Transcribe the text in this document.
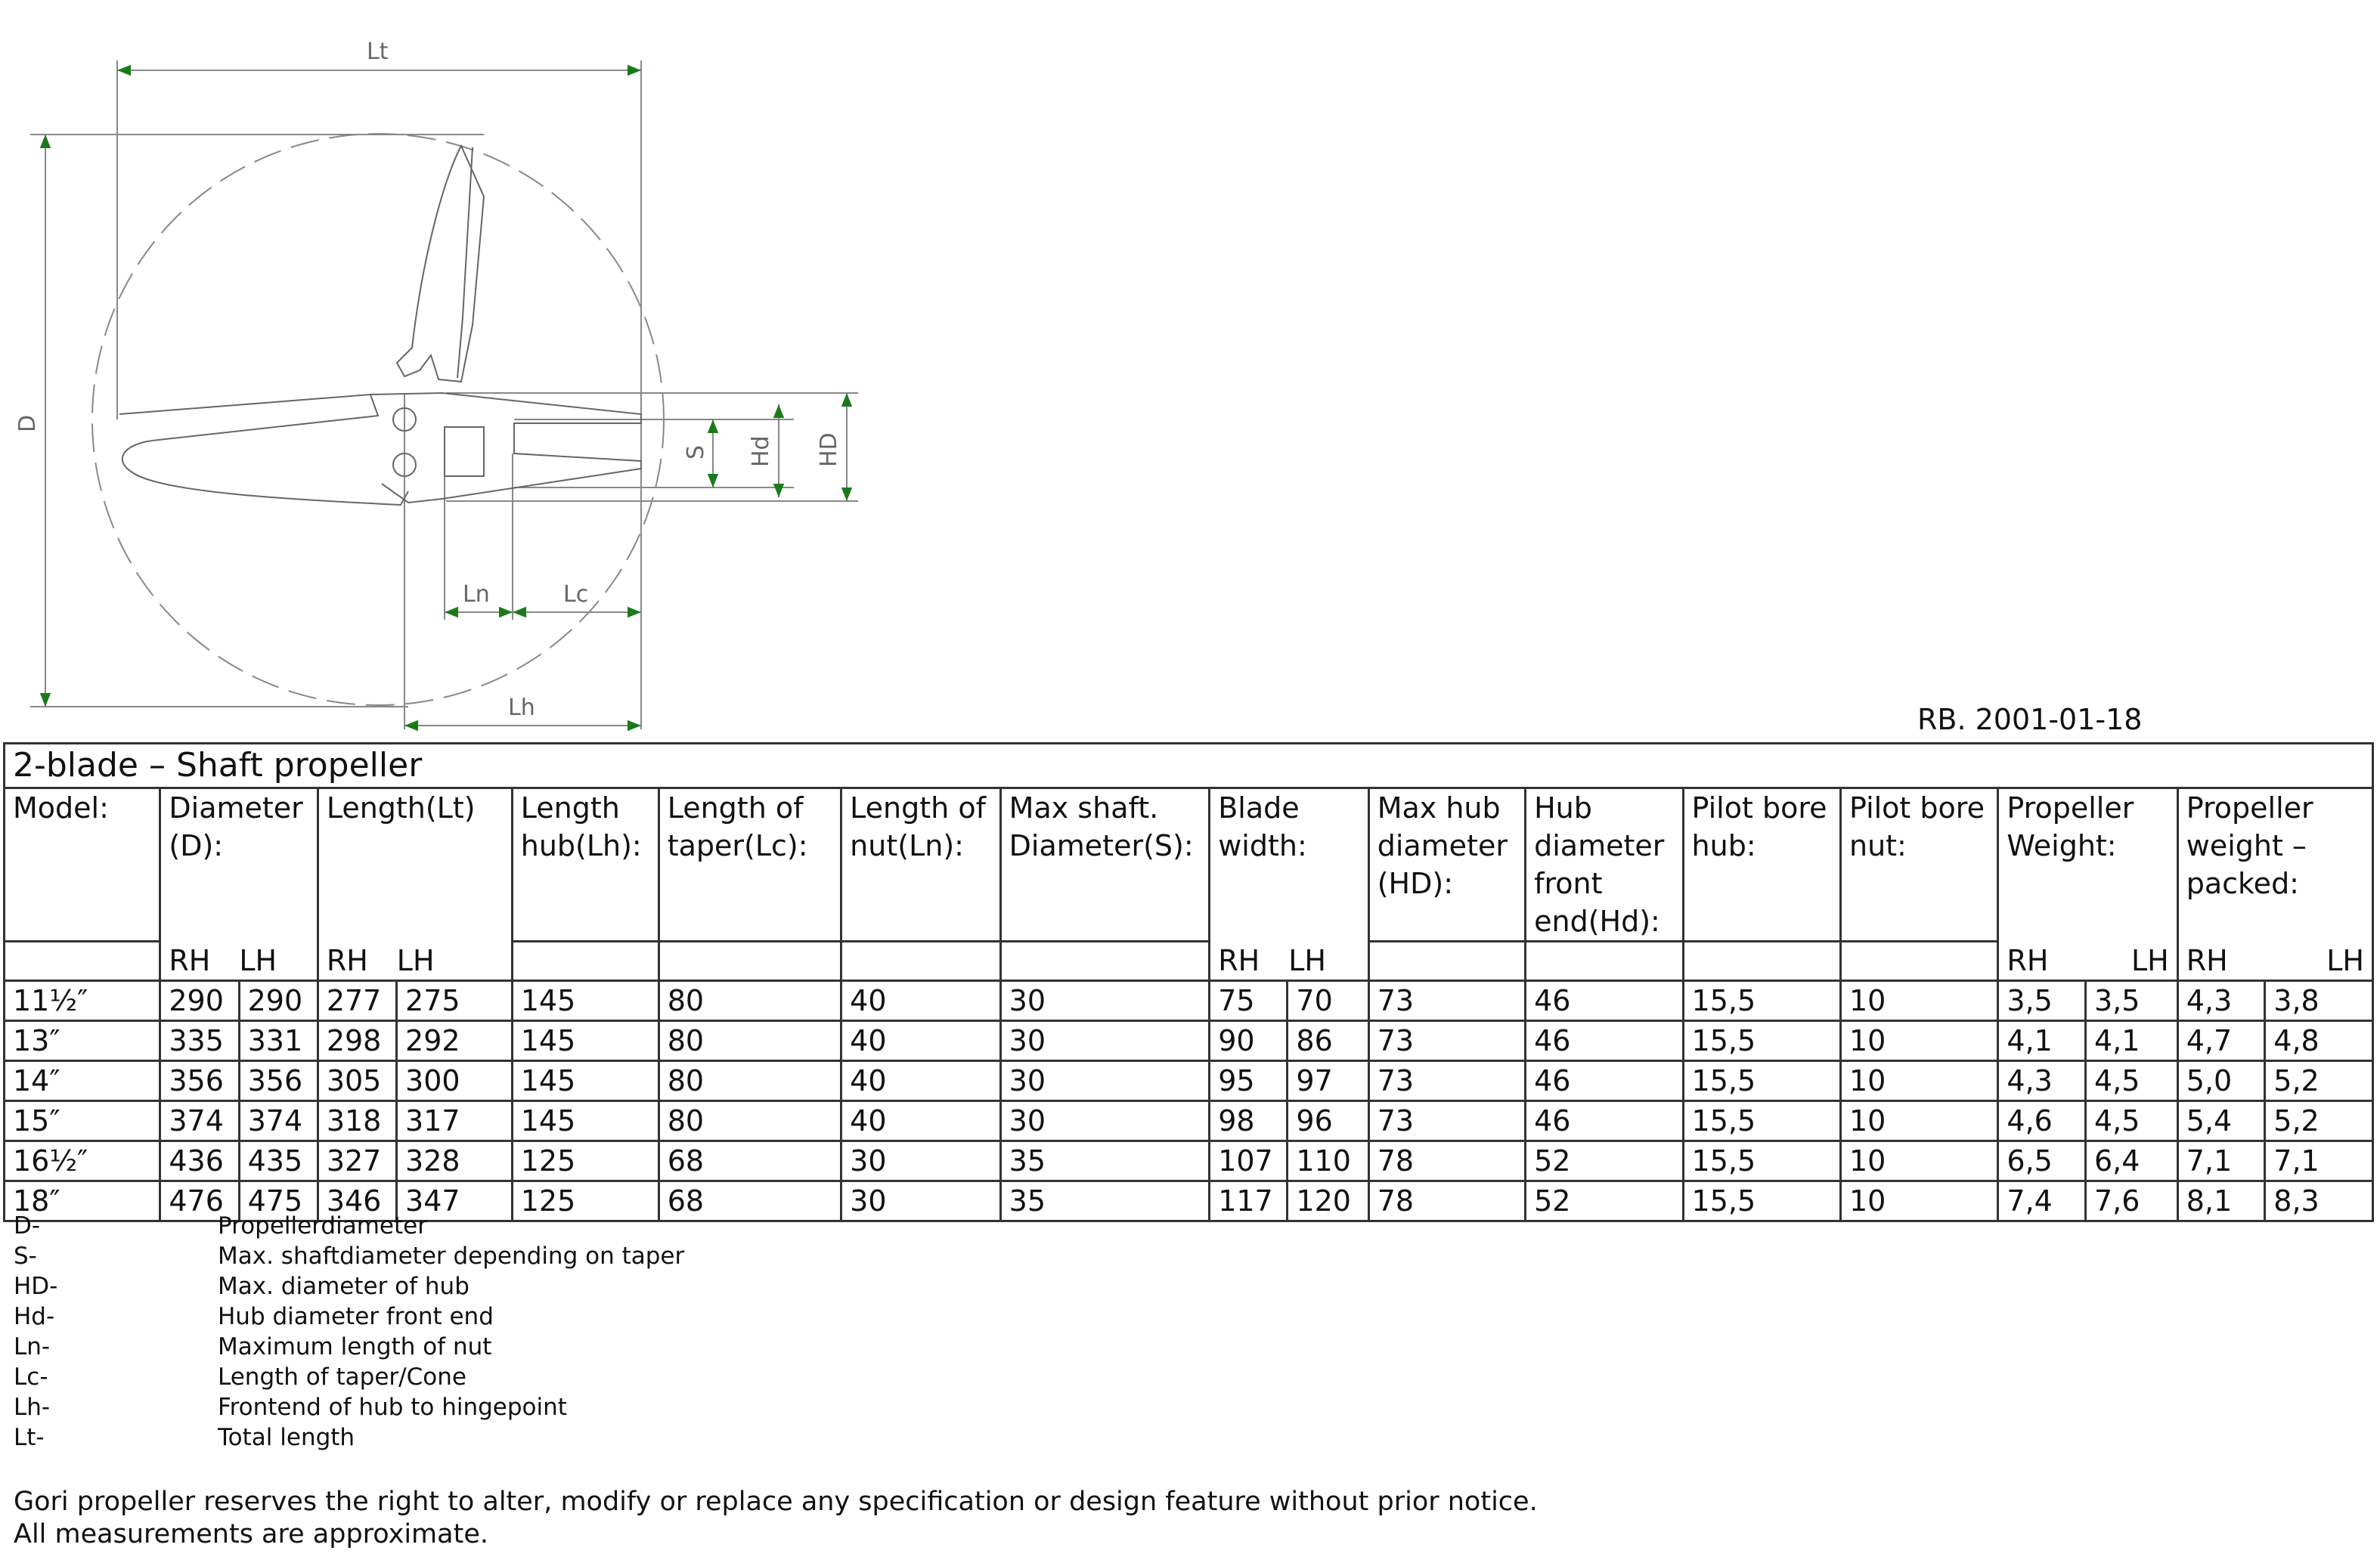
Lt
D
S Hd HD
Ln	Lc
Lh	RB. 2001-01-18
2-blade – Shaft propeller																		
Model:	Diameter (D):		Length(Lt)		Length hub(Lh):	Length of taper(Lc):	Length of nut(Ln):	Max shaft. Diameter(S):	Blade width:		Max hub diameter (HD):	Hub diameter front end(Hd):	Pilot bore hub:	Pilot bore nut:	Propeller Weight:		Propeller weight – packed:	
	RH LH		RH LH						RH LH						RH LH		RH LH	

11½″	290	290	277	275	145	80	40	30	75	70	73	46	15,5	10	3,5	3,5	4,3	3,8
13″	335	331	298	292	145	80	40	30	90	86	73	46	15,5	10	4,1	4,1	4,7	4,8
14″	356	356	305	300	145	80	40	30	95	97	73	46	15,5	10	4,3	4,5	5,0	5,2
15″	374	374	318	317	145	80	40	30	98	96	73	46	15,5	10	4,6	4,5	5,4	5,2
16½″	436	435	327	328	125	68	30	35	107	110	78	52	15,5	10	6,5	6,4	7,1	7,1
18″	476	475	346	347	125	68	30	35	117	120	78	52	15,5	10	7,4	7,6	8,1	8,3
D-	Propellerdiameter
S-	Max. shaftdiameter depending on taper
HD-	Max. diameter of hub
Hd-	Hub diameter front end
Ln-	Maximum length of nut
Lc-	Length of taper/Cone
Lh-	Frontend of hub to hingepoint
Lt-	Total length
Gori propeller reserves the right to alter, modify or replace any specification or design feature without prior notice.
All measurements are approximate.
